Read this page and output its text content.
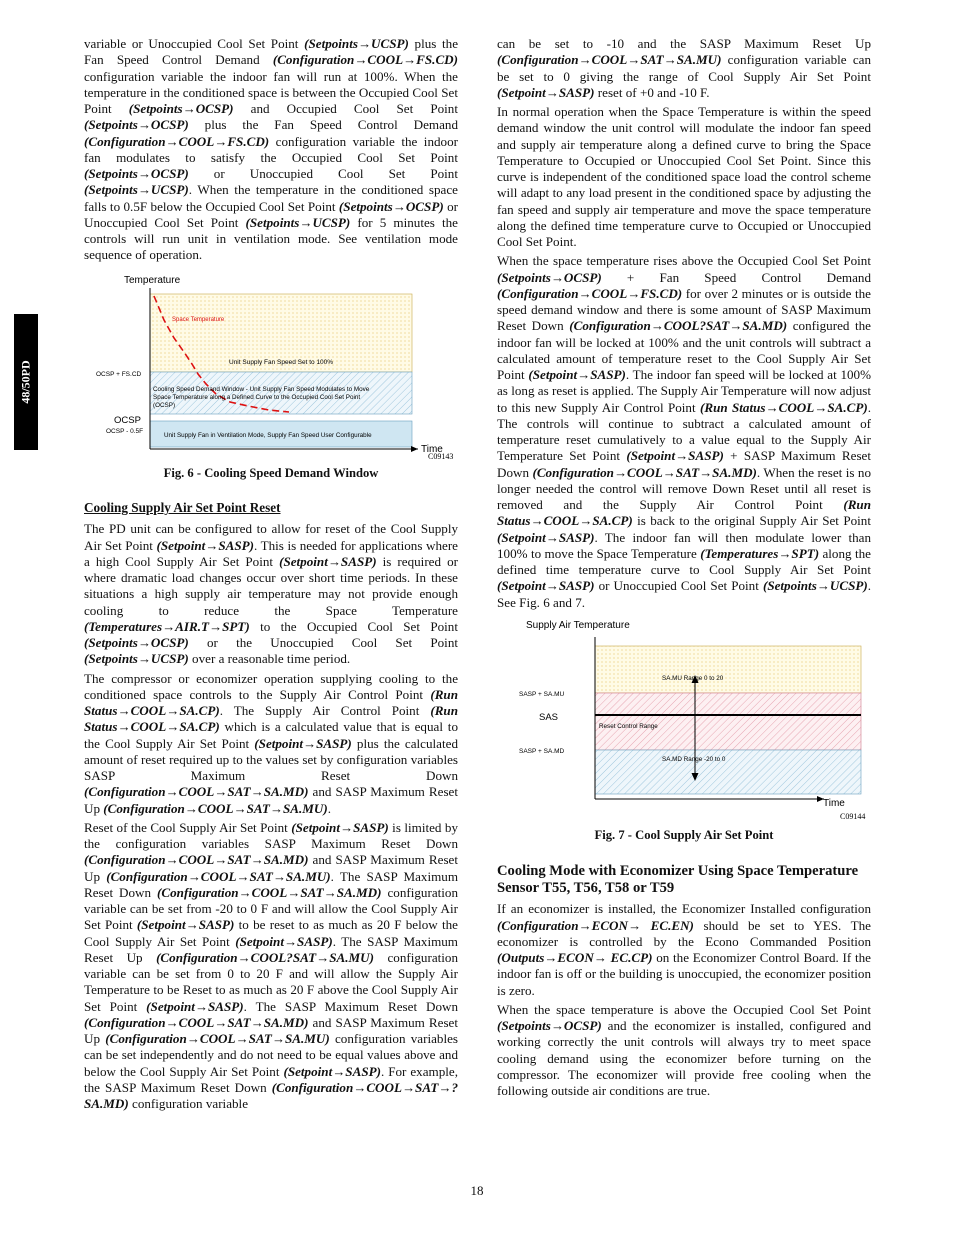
48/50PD

variable or Unoccupied Cool Set Point (Setpoints→UCSP) plus the Fan Speed Control Demand (Configuration→COOL→FS.CD) configuration variable the indoor fan will run at 100%. When the temperature in the conditioned space is between the Occupied Cool Set Point (Setpoints→OCSP) and Occupied Cool Set Point (Setpoints→OCSP) plus the Fan Speed Control Demand (Configuration→COOL→FS.CD) configuration variable the indoor fan modulates to satisfy the Occupied Cool Set Point (Setpoints→OCSP) or Unoccupied Cool Set Point (Setpoints→UCSP). When the temperature in the conditioned space falls to 0.5F below the Occupied Cool Set Point (Setpoints→OCSP) or Unoccupied Cool Set Point (Setpoints→UCSP) for 5 minutes the controls will run unit in ventilation mode. See ventilation mode sequence of operation.

Temperature
Space Temperature
Unit Supply Fan Speed Set to 100%
Cooling Speed Demand Window - Unit Supply Fan Speed Modulates to Move
Space Temperature along a Defined Curve to the Occupied Cool Set Point
(OCSP)
Unit Supply Fan in Ventilation Mode, Supply Fan Speed User Configurable
OCSP + FS.CD
OCSP
OCSP - 0.5F
Time
C09143
Fig. 6 - Cooling Speed Demand Window
Cooling Supply Air Set Point Reset

The PD unit can be configured to allow for reset of the Cool Supply Air Set Point (Setpoint→SASP). This is needed for applications where a high Cool Supply Air Set Point (Setpoint→SASP) is required or where dramatic load changes occur over short time periods. In these situations a high supply air temperature may not provide enough cooling to reduce the Space Temperature (Temperatures→AIR.T→SPT) to the Occupied Cool Set Point (Setpoints→OCSP) or the Unoccupied Cool Set Point (Setpoints→UCSP) over a reasonable time period.

The compressor or economizer operation supplying cooling to the conditioned space controls to the Supply Air Control Point (Run Status→COOL→SA.CP). The Supply Air Control Point (Run Status→COOL→SA.CP) which is a calculated value that is equal to the Cool Supply Air Set Point (Setpoint→SASP) plus the calculated amount of reset required up to the values set by configuration variables SASP Maximum Reset Down (Configuration→COOL→SAT→SA.MD) and SASP Maximum Reset Up (Configuration→COOL→SAT→SA.MU).

Reset of the Cool Supply Air Set Point (Setpoint→SASP) is limited by the configuration variables SASP Maximum Reset Down (Configuration→COOL→SAT→SA.MD) and SASP Maximum Reset Up (Configuration→COOL→SAT→SA.MU). The SASP Maximum Reset Down (Configuration→COOL→SAT→SA.MD) configuration variable can be set from -20 to 0 F and will allow the Cool Supply Air Set Point (Setpoint→SASP) to be reset to as much as 20 F below the Cool Supply Air Set Point (Setpoint→SASP). The SASP Maximum Reset Up (Configuration→COOL?SAT→SA.MU) configuration variable can be set from 0 to 20 F and will allow the Supply Air Temperature to be Reset to as much as 20 F above the Cool Supply Air Set Point (Setpoint→SASP). The SASP Maximum Reset Down (Configuration→COOL→SAT→SA.MD) and SASP Maximum Reset Up (Configuration→COOL→SAT→SA.MU) configuration variables can be set independently and do not need to be equal values above and below the Cool Supply Air Set Point (Setpoint→SASP). For example, the SASP Maximum Reset Down (Configuration→COOL→SAT→?SA.MD) configuration variable

can be set to -10 and the SASP Maximum Reset Up (Configuration→COOL→SAT→SA.MU) configuration variable can be set to 0 giving the range of Cool Supply Air Set Point (Setpoint→SASP) reset of +0 and -10 F.

In normal operation when the Space Temperature is within the speed demand window the unit control will modulate the indoor fan speed and supply air temperature along a defined curve to bring the Space Temperature to Occupied or Unoccupied Cool Set Point. Since this curve is independent of the conditioned space load the control scheme will adapt to any load present in the conditioned space by adjusting the fan speed and supply air temperature and move the space temperature along the defined time temperature curve to Occupied or Unoccupied Cool Set Point.

When the space temperature rises above the Occupied Cool Set Point (Setpoints→OCSP) + Fan Speed Control Demand (Configuration→COOL→FS.CD) for over 2 minutes or is outside the speed demand window and there is some amount of SASP Maximum Reset Down (Configuration→COOL?SAT→SA.MD) configured the indoor fan will be locked at 100% and the unit controls will subtract a calculated amount of temperature reset to the Cool Supply Air Set Point (Setpoint→SASP). The indoor fan speed will be locked at 100% as long as reset is applied. The Supply Air Temperature will now adjust to this new Supply Air Control Point (Run Status→COOL→SA.CP). The controls will continue to subtract a calculated amount of temperature reset cumulatively to a value equal to the Supply Air Temperature Set Point (Setpoint→SASP) + SASP Maximum Reset Down (Configuration→COOL→SAT→SA.MD). When the reset is no longer needed the control will remove Down Reset until all reset is removed and the Supply Air Control Point (Run Status→COOL→SA.CP) is back to the original Supply Air Set Point (Setpoint→SASP). The indoor fan will then modulate lower than 100% to move the Space Temperature (Temperatures→SPT) along the defined time temperature curve to Cool Supply Air Set Point (Setpoint→SASP) or Unoccupied Cool Set Point (Setpoints→UCSP). See Fig. 6 and 7.

Supply Air Temperature
SA.MU Range 0 to 20
Reset Control Range
SA.MD Range -20 to 0
SASP + SA.MU
SAS
SASP + SA.MD
Time
C09144
Fig. 7 - Cool Supply Air Set Point
Cooling Mode with Economizer Using Space Temperature Sensor T55, T56, T58 or T59

If an economizer is installed, the Economizer Installed configuration (Configuration→ECON→ EC.EN) should be set to YES. The economizer is controlled by the Econo Commanded Position (Outputs→ECON→ EC.CP) on the Economizer Control Board. If the indoor fan is off or the building is unoccupied, the economizer position is zero.

When the space temperature is above the Occupied Cool Set Point (Setpoints→OCSP) and the economizer is installed, configured and working correctly the unit controls will always try to meet space cooling demand using the economizer before turning on the compressor. The economizer will provide free cooling when the following outside air conditions are true.

18
